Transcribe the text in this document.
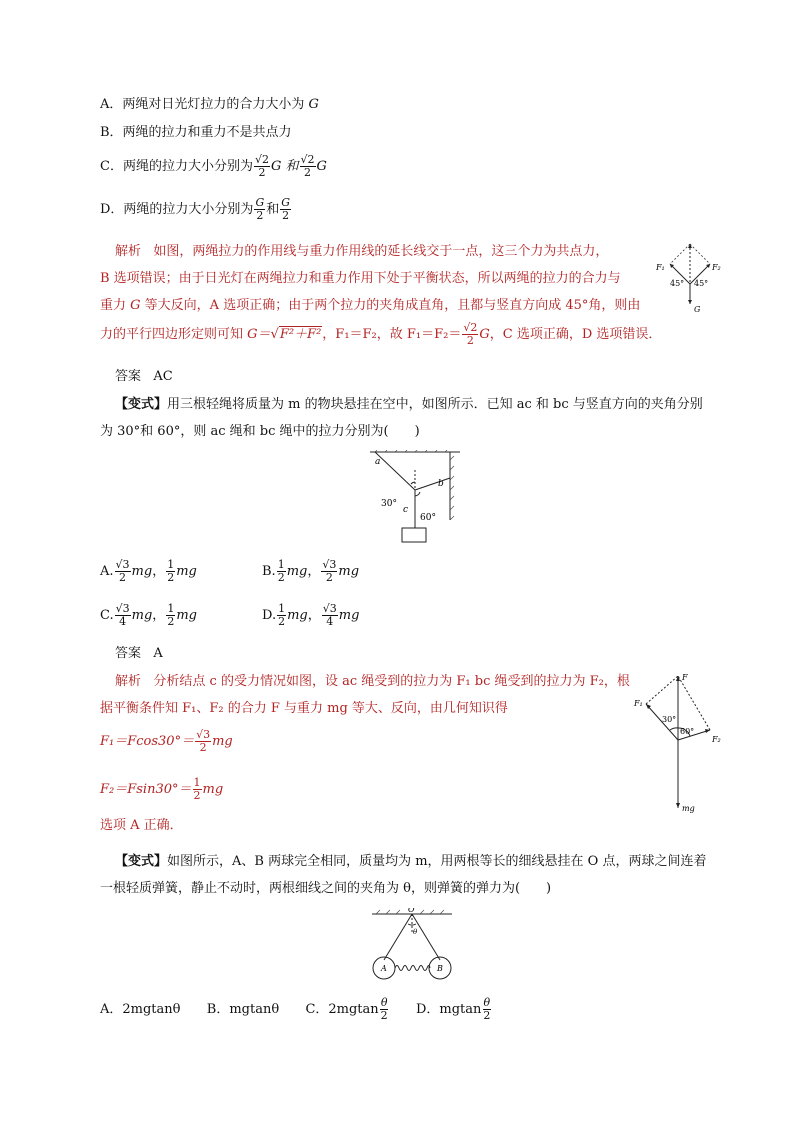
A．两绳对日光灯拉力的合力大小为 G
B．两绳的拉力和重力不是共点力
C．两绳的拉力大小分别为 $\frac{√2}{2}$ G 和 $\frac{√2}{2}$ G
D．两绳的拉力大小分别为 $\frac{G}{2}$ 和 $\frac{G}{2}$
解析 如图，两绳拉力的作用线与重力作用线的延长线交于一点，这三个力为共点力，
B 选项错误；由于日光灯在两绳拉力和重力作用下处于平衡状态，所以两绳的拉力的合力与
重力 G 等大反向，A 选项正确；由于两个拉力的夹角成直角，且都与竖直方向成 45°角，则由
力的平行四边形定则可知 G＝√F²＋F²，F₁＝F₂，故 $F_1=F_2= \frac{√2}{2}$ G，C 选项正确，D 选项错误．
答案 AC
F₁	F₂
45° 45°
G
【变式】用三根轻绳将质量为 m 的物块悬挂在空中，如图所示．已知 ac 和 bc 与竖直方向的夹角分别
为 30°和 60°，则 ac 绳和 bc 绳中的拉力分别为(　　)
a
b
c
30°
60°
A. $\frac{√3}{2}$ mg， $\frac{1}{2}$ mg	B. $\frac{1}{2}$ mg， $\frac{√3}{2}$ mg
C. $\frac{√3}{4}$ mg， $\frac{1}{2}$ mg	D. $\frac{1}{2}$ mg， $\frac{√3}{4}$ mg
答案 A
解析 分析结点 c 的受力情况如图，设 ac 绳受到的拉力为 F₁ bc 绳受到的拉力为 F₂，根
据平衡条件知 F₁、F₂ 的合力 F 与重力 mg 等大、反向，由几何知识得
$F_1=Fcos30^\circ= \frac{√3}{2}$ mg
$F_2=Fsin30^\circ= \frac{1}{2}$ mg
选项 A 正确．
F
F₁
F₂
30°
60°
mg
【变式】如图所示，A、B 两球完全相同，质量均为 m，用两根等长的细线悬挂在 O 点，两球之间连着
一根轻质弹簧，静止不动时，两根细线之间的夹角为 θ，则弹簧的弹力为(　　)
O
θ
A	B
A．2mgtanθ B．mgtanθ C．$2mgtan \frac{\theta}{2}$ D．mgtan $\frac{\theta}{2}$
